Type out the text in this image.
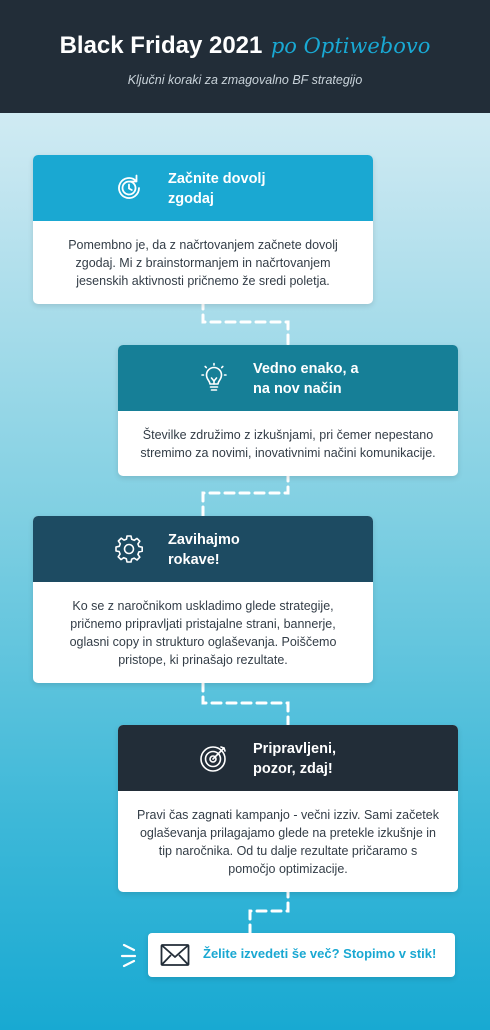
Black Friday 2021 po Optiwebovo
Ključni koraki za zmagovalno BF strategijo
Začnite dovolj
zgodaj
Pomembno je, da z načrtovanjem začnete dovolj zgodaj. Mi z brainstormanjem in načrtovanjem jesenskih aktivnosti pričnemo že sredi poletja.
Vedno enako, a
na nov način
Številke združimo z izkušnjami, pri čemer nepestano stremimo za novimi, inovativnimi načini komunikacije.
Zavihajmo
rokave!
Ko se z naročnikom uskladimo glede strategije, pričnemo pripravljati pristajalne strani, bannerje, oglasni copy in strukturo oglaševanja. Poiščemo pristope, ki prinašajo rezultate.
Pripravljeni,
pozor, zdaj!
Pravi čas zagnati kampanjo - večni izziv. Sami začetek oglaševanja prilagajamo glede na pretekle izkušnje in tip naročnika. Od tu dalje rezultate pričaramo s pomočjo optimizacije.
Želite izvedeti še več? Stopimo v stik!
